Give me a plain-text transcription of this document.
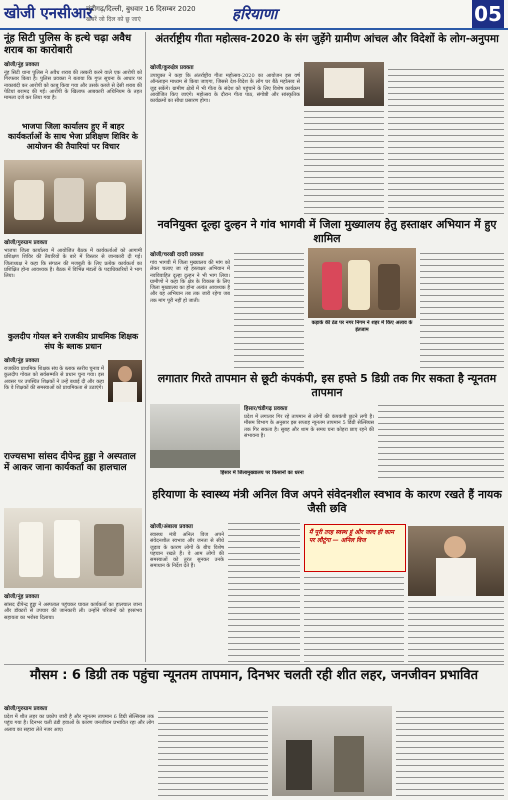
खोजी एनसीआर
चंडीगढ़/दिल्ली, बुधवार 16 दिसम्बर 2020
खबरें जो दिल को छू जाएं	हरियाणा	05
नूंह सिटी पुलिस के हत्थे चढ़ा अवैध शराब का कारोबारी
खोजी/नूंह प्रवक्ता
नूंह सिटी थाना पुलिस ने अवैध शराब की तस्करी करने वाले एक आरोपी को गिरफ्तार किया है। पुलिस प्रवक्ता ने बताया कि गुप्त सूचना के आधार पर नाकाबंदी कर आरोपी को काबू किया गया और उसके कब्जे से देसी शराब की पेटियां बरामद की गईं। आरोपी के खिलाफ आबकारी अधिनियम के तहत मामला दर्ज कर लिया गया है।
भाजपा जिला कार्यालय हुए में बाहर कार्यकर्ताओं के साथ भेजा प्रशिक्षण शिविर के आयोजन की तैयारियां पर विचार
खोजी/गुरुग्राम प्रवक्ता
भाजपा जिला कार्यालय में आयोजित बैठक में कार्यकर्ताओं को आगामी प्रशिक्षण शिविर की तैयारियों के बारे में विस्तार से जानकारी दी गई। जिलाध्यक्ष ने कहा कि संगठन की मजबूती के लिए प्रत्येक कार्यकर्ता का प्रशिक्षित होना आवश्यक है। बैठक में विभिन्न मंडलों के पदाधिकारियों ने भाग लिया।
कुलदीप गोयल बने राजकीय प्राथमिक शिक्षक संघ के ब्लाक प्रधान
खोजी/नूंह प्रवक्ता
राजकीय प्राथमिक शिक्षक संघ के ब्लाक स्तरीय चुनाव में कुलदीप गोयल को सर्वसम्मति से प्रधान चुना गया। इस अवसर पर उपस्थित शिक्षकों ने उन्हें बधाई दी और कहा कि वे शिक्षकों की समस्याओं को प्राथमिकता से उठाएंगे।
राज्यसभा सांसद दीपेन्द्र हुड्डा ने अस्पताल में आकर जाना कार्यकर्ता का हालचाल
खोजी/नूंह प्रवक्ता
सांसद दीपेन्द्र हुड्डा ने अस्पताल पहुंचकर घायल कार्यकर्ता का हालचाल जाना और डॉक्टरों से उपचार की जानकारी ली। उन्होंने परिजनों को हरसंभव सहायता का भरोसा दिलाया।
अंतर्राष्ट्रीय गीता महोत्सव-2020 के संग जुड़ेंगे ग्रामीण आंचल और विदेशों के लोग-अनुपमा
खोजी/कुरुक्षेत्र प्रवक्ता
उपायुक्त ने कहा कि अंतर्राष्ट्रीय गीता महोत्सव-2020 का आयोजन इस वर्ष ऑनलाइन माध्यम से किया जाएगा, जिससे देश-विदेश के लोग घर बैठे महोत्सव से जुड़ सकेंगे। ग्रामीण क्षेत्रों में भी गीता के संदेश को पहुंचाने के लिए विशेष कार्यक्रम आयोजित किए जाएंगे। महोत्सव के दौरान गीता पाठ, संगोष्ठी और सांस्कृतिक कार्यक्रमों का सीधा प्रसारण होगा।
नवनियुक्त दूल्हा दुल्हन ने गांव भागवी में जिला मुख्यालय हेतु हस्ताक्षर अभियान में हुए शामिल
खोजी/चरखी दादरी प्रवक्ता
गांव भागवी में जिला मुख्यालय की मांग को लेकर चलाए जा रहे हस्ताक्षर अभियान में नवविवाहित दूल्हा दुल्हन ने भी भाग लिया। ग्रामीणों ने कहा कि क्षेत्र के विकास के लिए जिला मुख्यालय का होना अत्यंत आवश्यक है और यह अभियान तब तक जारी रहेगा जब तक मांग पूरी नहीं हो जाती।
कड़ाके की ठंड पर नगर निगम ने शहर में किए अलाव के इंतजाम
लगातार गिरते तापमान से छूटी कंपकंपी, इस हफ्ते 5 डिग्री तक गिर सकता है न्यूनतम तापमान
हिसार/चंडीगढ़ प्रवक्ता
प्रदेश में लगातार गिर रहे तापमान से लोगों की कंपकंपी छूटने लगी है। मौसम विभाग के अनुसार इस सप्ताह न्यूनतम तापमान 5 डिग्री सेल्सियस तक गिर सकता है। सुबह और शाम के समय घना कोहरा छाए रहने की संभावना है।
हिसार में जिलामुख्यालय पर किसानों का धरना
हरियाणा के स्वास्थ्य मंत्री अनिल विज अपने संवेदनशील स्वभाव के कारण रखते हैं नायक जैसी छवि
खोजी/अंबाला प्रवक्ता
स्वास्थ्य मंत्री अनिल विज अपने संवेदनशील स्वभाव और जनता से सीधे जुड़ाव के कारण लोगों के बीच विशेष पहचान रखते हैं। वे आम लोगों की समस्याओं को तुरंत सुनकर उनके समाधान के निर्देश देते हैं।
मैं पूरी तरह स्वस्थ हूं और जल्द ही काम पर लौटूंगा — अनिल विज
मौसम : 6 डिग्री तक पहुंचा न्यूनतम तापमान, दिनभर चलती रही शीत लहर, जनजीवन प्रभावित
खोजी/गुरुग्राम प्रवक्ता
प्रदेश में शीत लहर का प्रकोप जारी है और न्यूनतम तापमान 6 डिग्री सेल्सियस तक पहुंच गया है। दिनभर चली ठंडी हवाओं के कारण जनजीवन प्रभावित रहा और लोग अलाव का सहारा लेते नजर आए।
